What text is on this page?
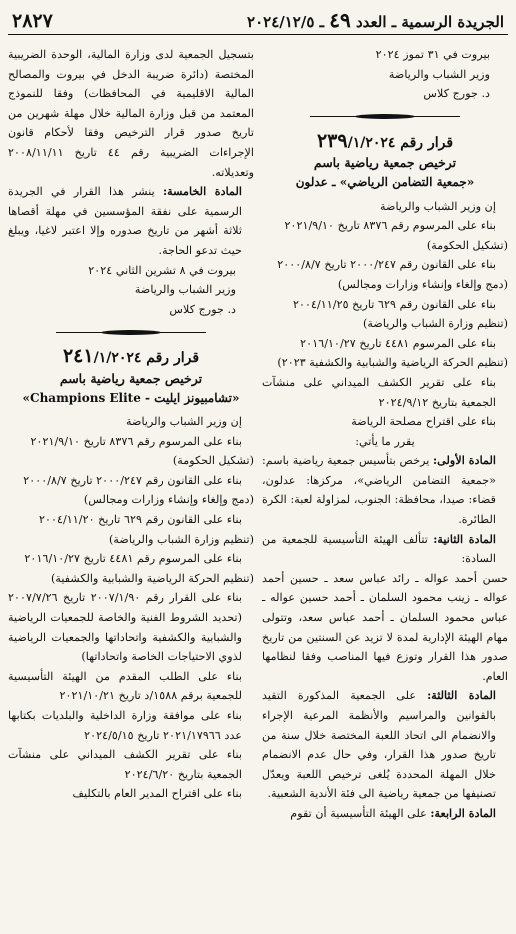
الجريدة الرسمية ـ العدد ٤٩ ـ ٢٠٢٤/١٢/٥
٢٨٢٧

بيروت في ٣١ تموز ٢٠٢٤

وزير الشباب والرياضة

د. جورج كلاس

قرار رقم ٢٣٩/١/٢٠٢٤
ترخيص جمعية رياضية باسم
«جمعية التضامن الرياضي» ـ عدلون

إن وزير الشباب والرياضة

بناء على المرسوم رقم ٨٣٧٦ تاريخ ٢٠٢١/٩/١٠

(تشكيل الحكومة)

بناء على القانون رقم ٢٠٠٠/٢٤٧ تاريخ ٢٠٠٠/٨/٧

(دمج وإلغاء وإنشاء وزارات ومجالس)

بناء على القانون رقم ٦٢٩ تاريخ ٢٠٠٤/١١/٢٥

(تنظيم وزارة الشباب والرياضة)

بناء على المرسوم ٤٤٨١ تاريخ ٢٠١٦/١٠/٢٧

(تنظيم الحركة الرياضية والشبابية والكشفية ٢٠٢٣)

بناء على تقرير الكشف الميداني على منشآت الجمعية بتاريخ ٢٠٢٤/٩/١٢

بناء على اقتراح مصلحة الرياضة

يقرر ما يأتي:

المادة الأولى: يرخص بتأسيس جمعية رياضية باسم: «جمعية التضامن الرياضي»، مركزها: عدلون، قضاء: صيدا، محافظة: الجنوب، لمزاولة لعبة: الكرة الطائرة.

المادة الثانية: تتألف الهيئة التأسيسية للجمعية من السادة:

حسن أحمد عواله ـ رائد عباس سعد ـ حسين أحمد عواله ـ زينب محمود السلمان ـ أحمد حسين عواله ـ عباس محمود السلمان ـ أحمد عباس سعد، وتتولى مهام الهيئة الإدارية لمدة لا تزيد عن السنتين من تاريخ صدور هذا القرار وتوزع فيها المناصب وفقا لنظامها العام.

المادة الثالثة: على الجمعية المذكورة التقيد بالقوانين والمراسيم والأنظمة المرعية الإجراء والانضمام الى اتحاد اللعبة المختصة خلال سنة من تاريخ صدور هذا القرار، وفي حال عدم الانضمام خلال المهلة المحددة يُلغى ترخيص اللعبة ويعدّل تصنيفها من جمعية رياضية الى فئة الأندية الشعبية.

المادة الرابعة: على الهيئة التأسيسية أن تقوم

بتسجيل الجمعية لدى وزارة المالية، الوحدة الضريبية المختصة (دائرة ضريبة الدخل في بيروت والمصالح المالية الاقليمية في المحافظات) وفقا للنموذج المعتمد من قبل وزارة المالية خلال مهلة شهرين من تاريخ صدور قرار الترخيص وفقا لأحكام قانون الإجراءات الضريبية رقم ٤٤ تاريخ ٢٠٠٨/١١/١١ وتعديلاته.

المادة الخامسة: ينشر هذا القرار في الجريدة الرسمية على نفقة المؤسسين في مهلة أقصاها ثلاثة أشهر من تاريخ صدوره وإلا اعتبر لاغيا، ويبلغ حيث تدعو الحاجة.

بيروت في ٨ تشرين الثاني ٢٠٢٤

وزير الشباب والرياضة

د. جورج كلاس

قرار رقم ٢٤١/١/٢٠٢٤
ترخيص جمعية رياضية باسم
«تشامبيونز ايليت - Champions Elite»

إن وزير الشباب والرياضة

بناء على المرسوم رقم ٨٣٧٦ تاريخ ٢٠٢١/٩/١٠

(تشكيل الحكومة)

بناء على القانون رقم ٢٠٠٠/٢٤٧ تاريخ ٢٠٠٠/٨/٧

(دمج وإلغاء وإنشاء وزارات ومجالس)

بناء على القانون رقم ٦٢٩ تاريخ ٢٠٠٤/١١/٢٠

(تنظيم وزارة الشباب والرياضة)

بناء على المرسوم رقم ٤٤٨١ تاريخ ٢٠١٦/١٠/٢٧

(تنظيم الحركة الرياضية والشبابية والكشفية)

بناء على القرار رقم ٢٠٠٧/١/٩٠ تاريخ ٢٠٠٧/٧/٢٦ (تحديد الشروط الفنية والخاصة للجمعيات الرياضية والشبابية والكشفية واتحاداتها والجمعيات الرياضية لذوي الاحتياجات الخاصة واتحاداتها)

بناء على الطلب المقدم من الهيئة التأسيسية للجمعية برقم ١٥٨٨/د تاريخ ٢٠٢١/١٠/٢١

بناء على موافقة وزارة الداخلية والبلديات بكتابها عدد ٢٠٢١/١٧٩٦٦ تاريخ ٢٠٢٤/٥/١٥

بناء على تقرير الكشف الميداني على منشآت الجمعية بتاريخ ٢٠٢٤/٦/٢٠

بناء على اقتراح المدير العام بالتكليف
